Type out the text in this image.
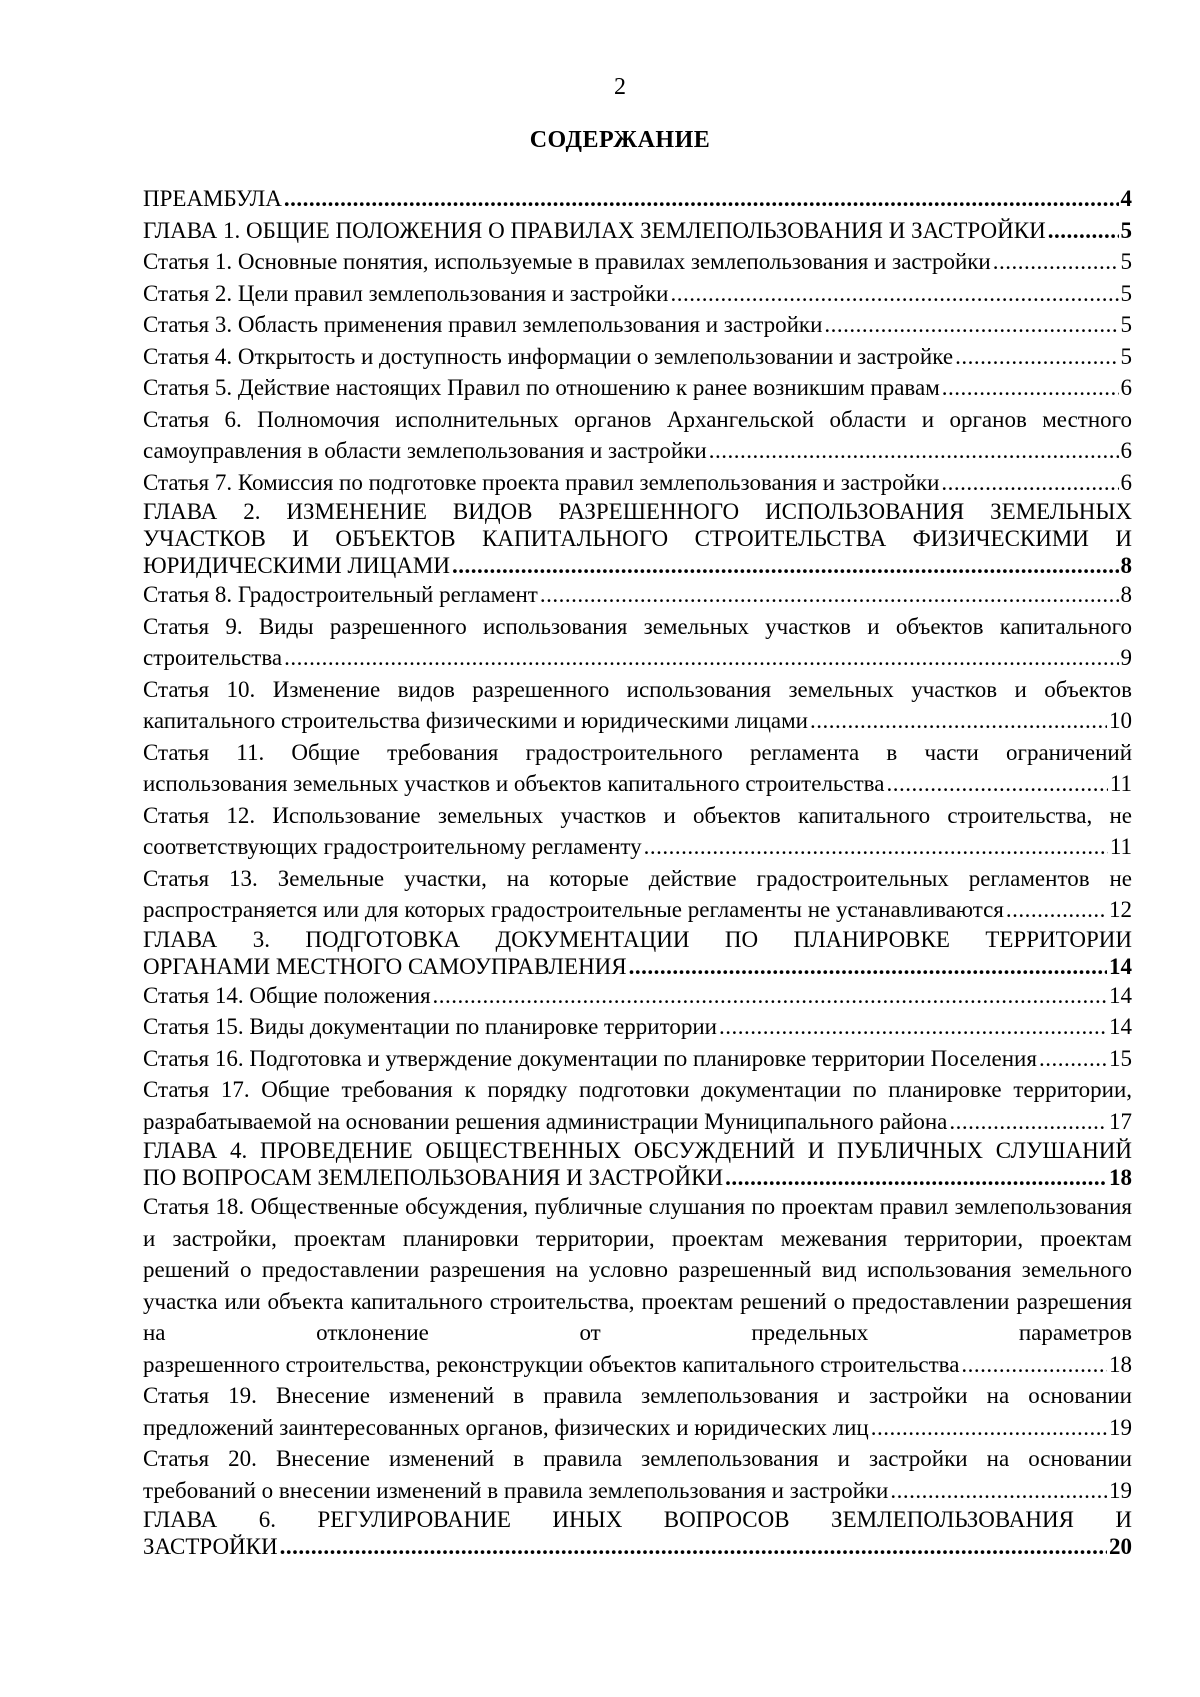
2
СОДЕРЖАНИЕ
ПРЕАМБУЛА .....	4
ГЛАВА 1. ОБЩИЕ ПОЛОЖЕНИЯ О ПРАВИЛАХ ЗЕМЛЕПОЛЬЗОВАНИЯ И ЗАСТРОЙКИ .....	5
Статья 1. Основные понятия, используемые в правилах землепользования и застройки .....	5
Статья 2. Цели правил землепользования и застройки .....	5
Статья 3. Область применения правил землепользования и застройки .....	5
Статья 4. Открытость и доступность информации о землепользовании и застройке .....	5
Статья 5. Действие настоящих Правил по отношению к ранее возникшим правам .....	6
Статья 6. Полномочия исполнительных органов Архангельской области и органов местного
самоуправления в области землепользования и застройки .....	6
Статья 7. Комиссия по подготовке проекта правил землепользования и застройки .....	6
ГЛАВА 2. ИЗМЕНЕНИЕ ВИДОВ РАЗРЕШЕННОГО ИСПОЛЬЗОВАНИЯ ЗЕМЕЛЬНЫХ УЧАСТКОВ И ОБЪЕКТОВ КАПИТАЛЬНОГО СТРОИТЕЛЬСТВА ФИЗИЧЕСКИМИ И
ЮРИДИЧЕСКИМИ ЛИЦАМИ .....	8
Статья 8. Градостроительный регламент .....	8
Статья 9. Виды разрешенного использования земельных участков и объектов капитального
строительства .....	9
Статья 10. Изменение видов разрешенного использования земельных участков и объектов
капитального строительства физическими и юридическими лицами .....	10
Статья 11. Общие требования градостроительного регламента в части ограничений
использования земельных участков и объектов капитального строительства .....	11
Статья 12. Использование земельных участков и объектов капитального строительства, не
соответствующих градостроительному регламенту .....	11
Статья 13. Земельные участки, на которые действие градостроительных регламентов не
распространяется или для которых градостроительные регламенты не устанавливаются .....	12
ГЛАВА 3. ПОДГОТОВКА ДОКУМЕНТАЦИИ ПО ПЛАНИРОВКЕ ТЕРРИТОРИИ
ОРГАНАМИ МЕСТНОГО САМОУПРАВЛЕНИЯ .....	14
Статья 14. Общие положения .....	14
Статья 15. Виды документации по планировке территории .....	14
Статья 16. Подготовка и утверждение документации по планировке территории Поселения .....	15
Статья 17. Общие требования к порядку подготовки документации по планировке территории,
разрабатываемой на основании решения администрации Муниципального района .....	17
ГЛАВА 4. ПРОВЕДЕНИЕ ОБЩЕСТВЕННЫХ ОБСУЖДЕНИЙ И ПУБЛИЧНЫХ СЛУШАНИЙ
ПО ВОПРОСАМ ЗЕМЛЕПОЛЬЗОВАНИЯ И ЗАСТРОЙКИ .....	18
Статья 18. Общественные обсуждения, публичные слушания по проектам правил землепользования и застройки, проектам планировки территории, проектам межевания территории, проектам решений о предоставлении разрешения на условно разрешенный вид использования земельного участка или объекта капитального строительства, проектам решений о предоставлении разрешения на отклонение от предельных параметров
разрешенного строительства, реконструкции объектов капитального строительства .....	18
Статья 19. Внесение изменений в правила землепользования и застройки на основании
предложений заинтересованных органов, физических и юридических лиц .....	19
Статья 20. Внесение изменений в правила землепользования и застройки на основании
требований о внесении изменений в правила землепользования и застройки .....	19
ГЛАВА 6. РЕГУЛИРОВАНИЕ ИНЫХ ВОПРОСОВ ЗЕМЛЕПОЛЬЗОВАНИЯ И
ЗАСТРОЙКИ .....	20
